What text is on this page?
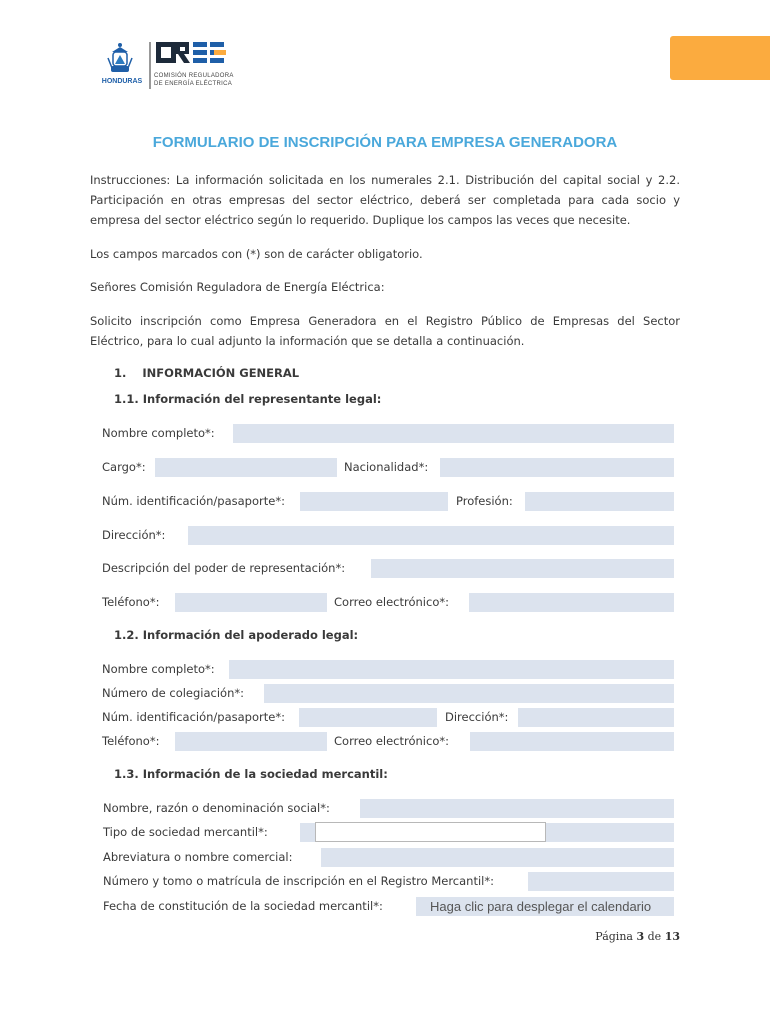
HONDURAS
COMISIÓN REGULADORA
DE ENERGÍA ELÉCTRICA
FORMULARIO DE INSCRIPCIÓN PARA EMPRESA GENERADORA
Instrucciones: La información solicitada en los numerales 2.1. Distribución del capital social y 2.2. Participación en otras empresas del sector eléctrico, deberá ser completada para cada socio y empresa del sector eléctrico según lo requerido. Duplique los campos las veces que necesite.
Los campos marcados con (*) son de carácter obligatorio.
Señores Comisión Reguladora de Energía Eléctrica:
Solicito inscripción como Empresa Generadora en el Registro Público de Empresas del Sector Eléctrico, para lo cual adjunto la información que se detalla a continuación.
1. INFORMACIÓN GENERAL
1.1. Información del representante legal:
Nombre completo*:
Cargo*:	Nacionalidad*:
Núm. identificación/pasaporte*:	Profesión:
Dirección*:
Descripción del poder de representación*:
Teléfono*:	Correo electrónico*:
1.2. Información del apoderado legal:
Nombre completo*:
Número de colegiación*:
Núm. identificación/pasaporte*:	Dirección*:
Teléfono*:	Correo electrónico*:
1.3. Información de la sociedad mercantil:
Nombre, razón o denominación social*:
Tipo de sociedad mercantil*:
Abreviatura o nombre comercial:
Número y tomo o matrícula de inscripción en el Registro Mercantil*:
Fecha de constitución de la sociedad mercantil*:	Haga clic para desplegar el calendario
Página 3 de 13
